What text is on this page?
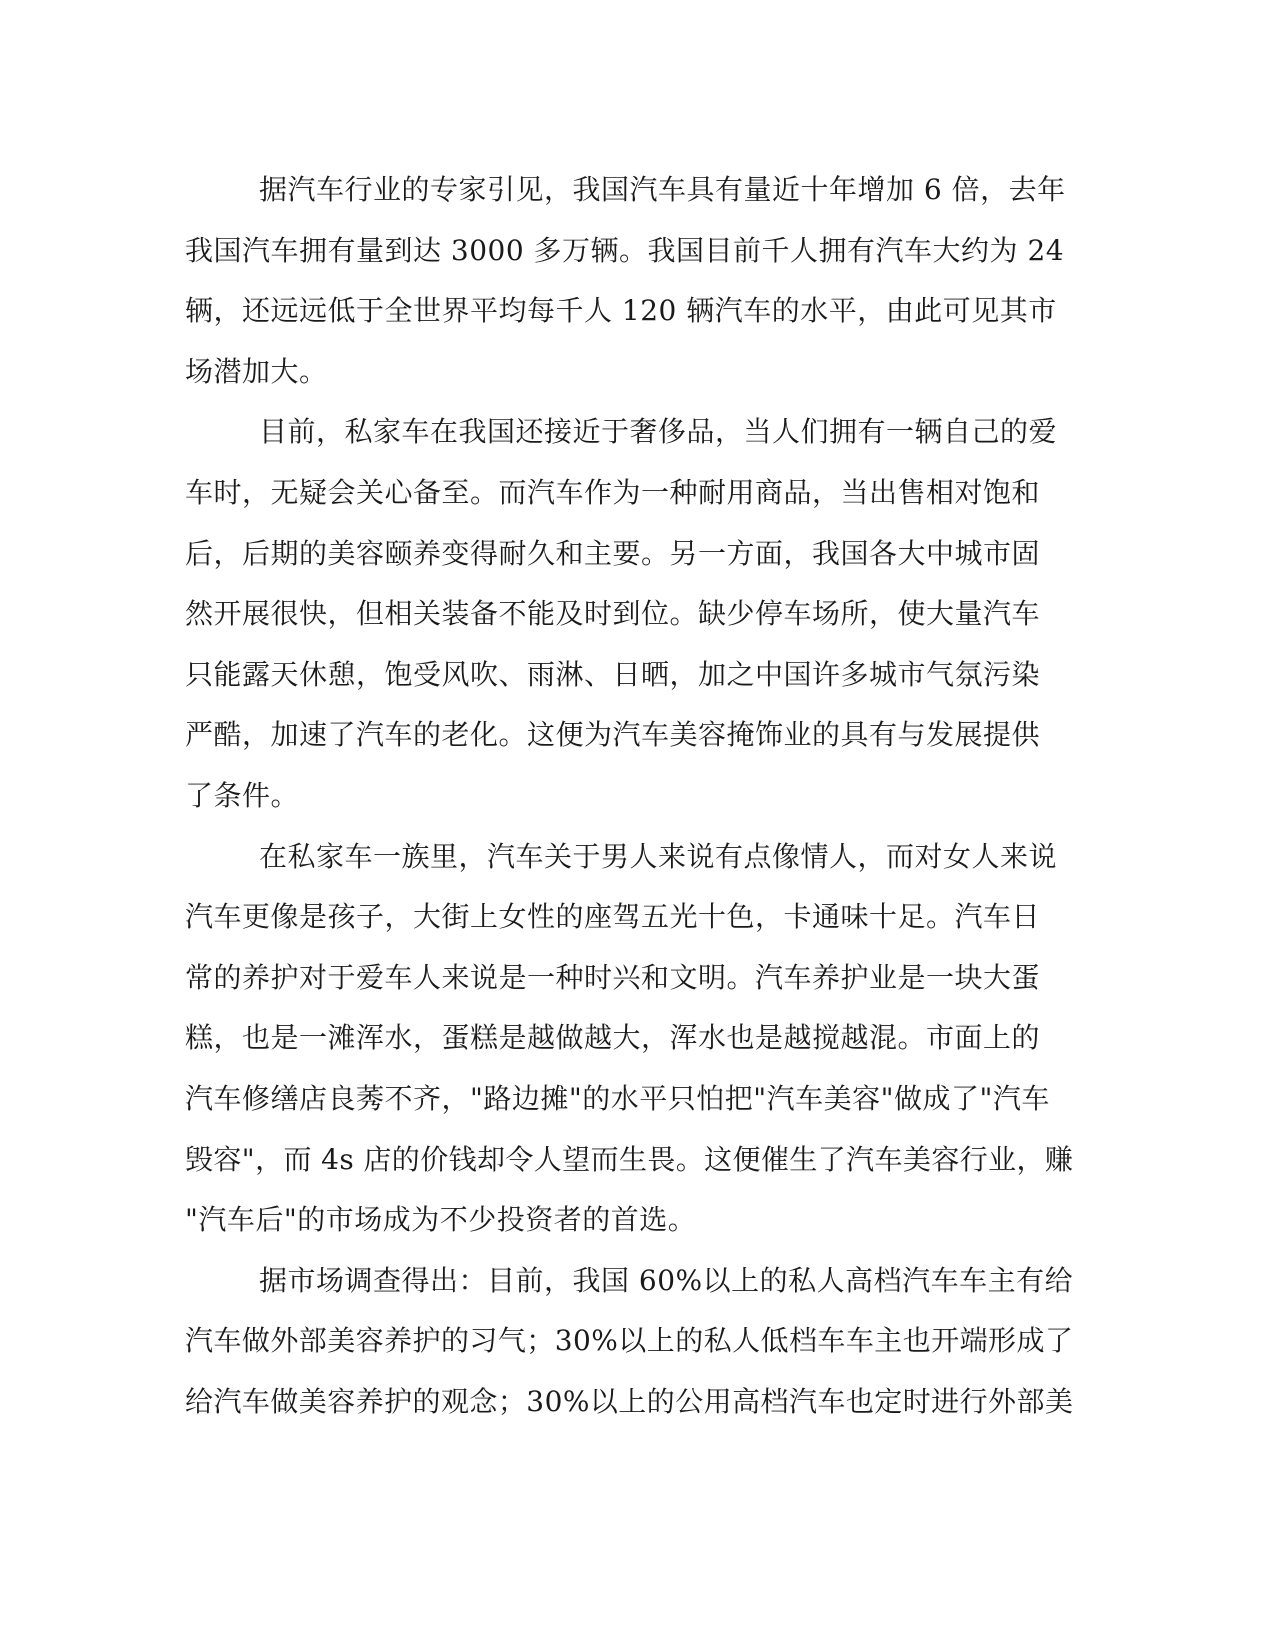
据汽车行业的专家引见，我国汽车具有量近十年增加 6 倍，去年
我国汽车拥有量到达 3000 多万辆。我国目前千人拥有汽车大约为 24
辆，还远远低于全世界平均每千人 120 辆汽车的水平，由此可见其市
场潜加大。
目前，私家车在我国还接近于奢侈品，当人们拥有一辆自己的爱
车时，无疑会关心备至。而汽车作为一种耐用商品，当出售相对饱和
后，后期的美容颐养变得耐久和主要。另一方面，我国各大中城市固
然开展很快，但相关装备不能及时到位。缺少停车场所，使大量汽车
只能露天休憩，饱受风吹、雨淋、日晒，加之中国许多城市气氛污染
严酷，加速了汽车的老化。这便为汽车美容掩饰业的具有与发展提供
了条件。
在私家车一族里，汽车关于男人来说有点像情人，而对女人来说
汽车更像是孩子，大街上女性的座驾五光十色，卡通味十足。汽车日
常的养护对于爱车人来说是一种时兴和文明。汽车养护业是一块大蛋
糕，也是一滩浑水，蛋糕是越做越大，浑水也是越搅越混。市面上的
汽车修缮店良莠不齐，"路边摊"的水平只怕把"汽车美容"做成了"汽车
毁容"，而 4s 店的价钱却令人望而生畏。这便催生了汽车美容行业，赚
"汽车后"的市场成为不少投资者的首选。
据市场调查得出：目前，我国 60%以上的私人高档汽车车主有给
汽车做外部美容养护的习气；30%以上的私人低档车车主也开端形成了
给汽车做美容养护的观念；30%以上的公用高档汽车也定时进行外部美
